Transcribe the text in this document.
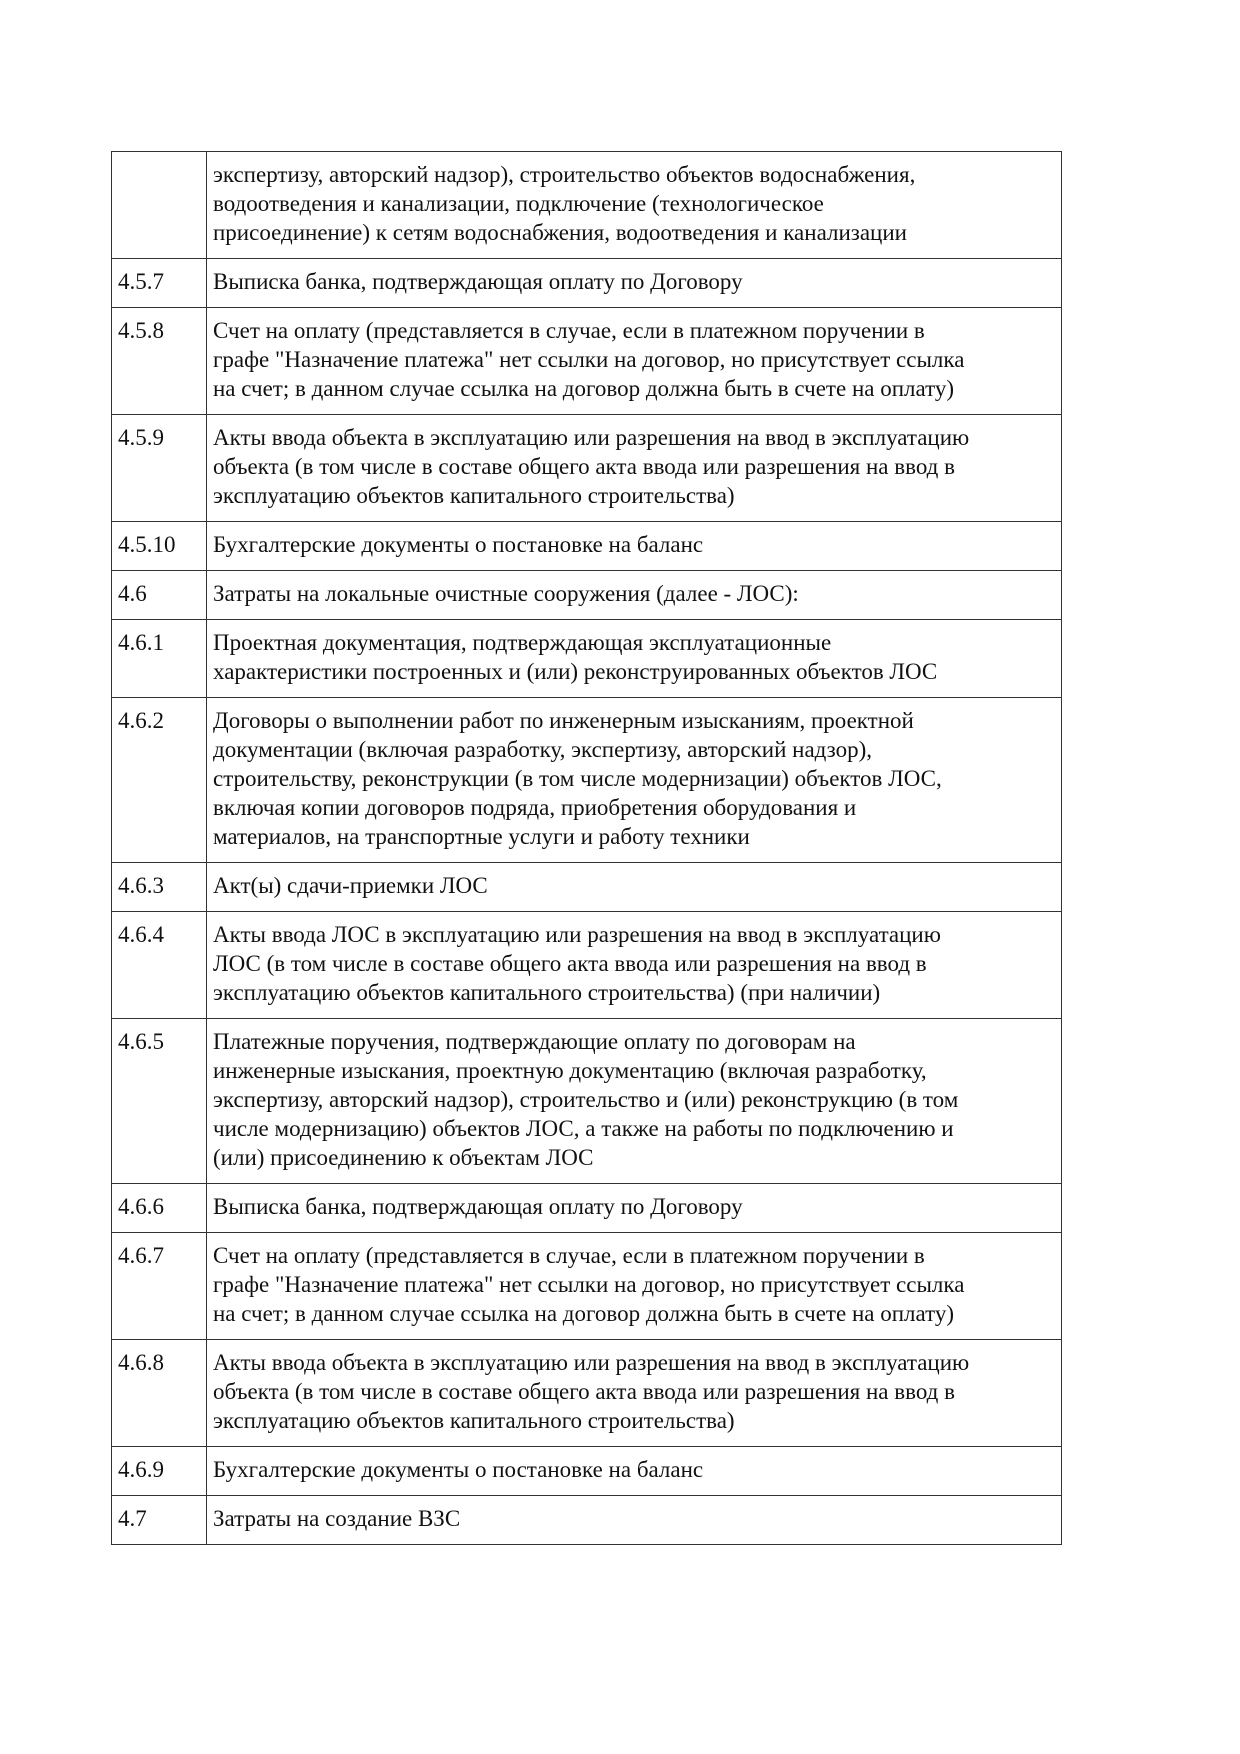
	экспертизу, авторский надзор), строительство объектов водоснабжения,
водоотведения и канализации, подключение (технологическое
присоединение) к сетям водоснабжения, водоотведения и канализации

4.5.7	Выписка банка, подтверждающая оплату по Договору

4.5.8	Счет на оплату (представляется в случае, если в платежном поручении в
графе "Назначение платежа" нет ссылки на договор, но присутствует ссылка
на счет; в данном случае ссылка на договор должна быть в счете на оплату)

4.5.9	Акты ввода объекта в эксплуатацию или разрешения на ввод в эксплуатацию
объекта (в том числе в составе общего акта ввода или разрешения на ввод в
эксплуатацию объектов капитального строительства)

4.5.10	Бухгалтерские документы о постановке на баланс

4.6	Затраты на локальные очистные сооружения (далее - ЛОС):

4.6.1	Проектная документация, подтверждающая эксплуатационные
характеристики построенных и (или) реконструированных объектов ЛОС

4.6.2	Договоры о выполнении работ по инженерным изысканиям, проектной
документации (включая разработку, экспертизу, авторский надзор),
строительству, реконструкции (в том числе модернизации) объектов ЛОС,
включая копии договоров подряда, приобретения оборудования и
материалов, на транспортные услуги и работу техники

4.6.3	Акт(ы) сдачи-приемки ЛОС

4.6.4	Акты ввода ЛОС в эксплуатацию или разрешения на ввод в эксплуатацию
ЛОС (в том числе в составе общего акта ввода или разрешения на ввод в
эксплуатацию объектов капитального строительства) (при наличии)

4.6.5	Платежные поручения, подтверждающие оплату по договорам на
инженерные изыскания, проектную документацию (включая разработку,
экспертизу, авторский надзор), строительство и (или) реконструкцию (в том
числе модернизацию) объектов ЛОС, а также на работы по подключению и
(или) присоединению к объектам ЛОС

4.6.6	Выписка банка, подтверждающая оплату по Договору

4.6.7	Счет на оплату (представляется в случае, если в платежном поручении в
графе "Назначение платежа" нет ссылки на договор, но присутствует ссылка
на счет; в данном случае ссылка на договор должна быть в счете на оплату)

4.6.8	Акты ввода объекта в эксплуатацию или разрешения на ввод в эксплуатацию
объекта (в том числе в составе общего акта ввода или разрешения на ввод в
эксплуатацию объектов капитального строительства)

4.6.9	Бухгалтерские документы о постановке на баланс

4.7	Затраты на создание ВЗС
